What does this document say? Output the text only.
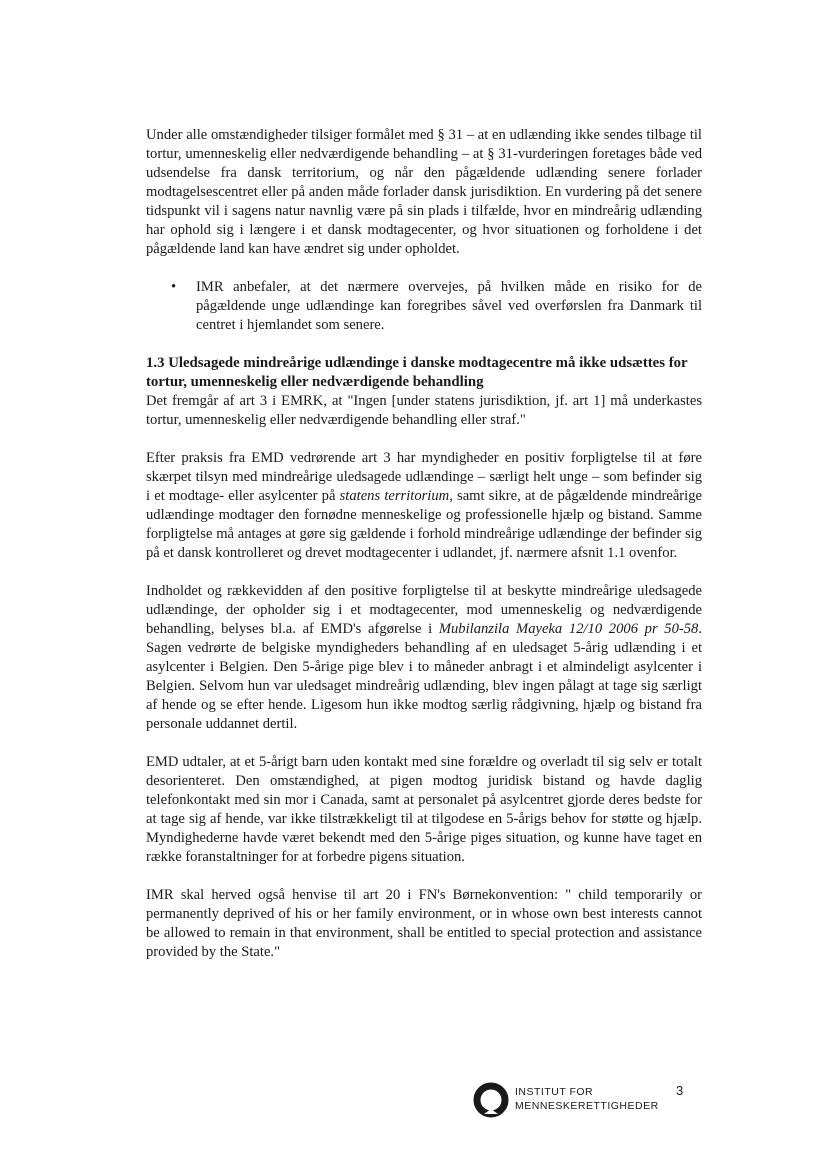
Under alle omstændigheder tilsiger formålet med § 31 – at en udlænding ikke sendes tilbage til tortur, umenneskelig eller nedværdigende behandling – at § 31-vurderingen foretages både ved udsendelse fra dansk territorium, og når den pågældende udlænding senere forlader modtagelsescentret eller på anden måde forlader dansk jurisdiktion. En vurdering på det senere tidspunkt vil i sagens natur navnlig være på sin plads i tilfælde, hvor en mindreårig udlænding har ophold sig i længere i et dansk modtagecenter, og hvor situationen og forholdene i det pågældende land kan have ændret sig under opholdet.

• IMR anbefaler, at det nærmere overvejes, på hvilken måde en risiko for de pågældende unge udlændinge kan foregribes såvel ved overførslen fra Danmark til centret i hjemlandet som senere.
1.3 Uledsagede mindreårige udlændinge i danske modtagecentre må ikke udsættes for tortur, umenneskelig eller nedværdigende behandling

Det fremgår af art 3 i EMRK, at "Ingen [under statens jurisdiktion, jf. art 1] må underkastes tortur, umenneskelig eller nedværdigende behandling eller straf."

Efter praksis fra EMD vedrørende art 3 har myndigheder en positiv forpligtelse til at føre skærpet tilsyn med mindreårige uledsagede udlændinge – særligt helt unge – som befinder sig i et modtage- eller asylcenter på statens territorium, samt sikre, at de pågældende mindreårige udlændinge modtager den fornødne menneskelige og professionelle hjælp og bistand. Samme forpligtelse må antages at gøre sig gældende i forhold mindreårige udlændinge der befinder sig på et dansk kontrolleret og drevet modtagecenter i udlandet, jf. nærmere afsnit 1.1 ovenfor.

Indholdet og rækkevidden af den positive forpligtelse til at beskytte mindreårige uledsagede udlændinge, der opholder sig i et modtagecenter, mod umenneskelig og nedværdigende behandling, belyses bl.a. af EMD's afgørelse i Mubilanzila Mayeka 12/10 2006 pr 50-58. Sagen vedrørte de belgiske myndigheders behandling af en uledsaget 5-årig udlænding i et asylcenter i Belgien. Den 5-årige pige blev i to måneder anbragt i et almindeligt asylcenter i Belgien. Selvom hun var uledsaget mindreårig udlænding, blev ingen pålagt at tage sig særligt af hende og se efter hende. Ligesom hun ikke modtog særlig rådgivning, hjælp og bistand fra personale uddannet dertil.

EMD udtaler, at et 5-årigt barn uden kontakt med sine forældre og overladt til sig selv er totalt desorienteret. Den omstændighed, at pigen modtog juridisk bistand og havde daglig telefonkontakt med sin mor i Canada, samt at personalet på asylcentret gjorde deres bedste for at tage sig af hende, var ikke tilstrækkeligt til at tilgodese en 5-årigs behov for støtte og hjælp. Myndighederne havde været bekendt med den 5-årige piges situation, og kunne have taget en række foranstaltninger for at forbedre pigens situation.

IMR skal herved også henvise til art 20 i FN's Børnekonvention: " child temporarily or permanently deprived of his or her family environment, or in whose own best interests cannot be allowed to remain in that environment, shall be entitled to special protection and assistance provided by the State."

INSTITUT FOR
MENNESKERETTIGHEDER
3
